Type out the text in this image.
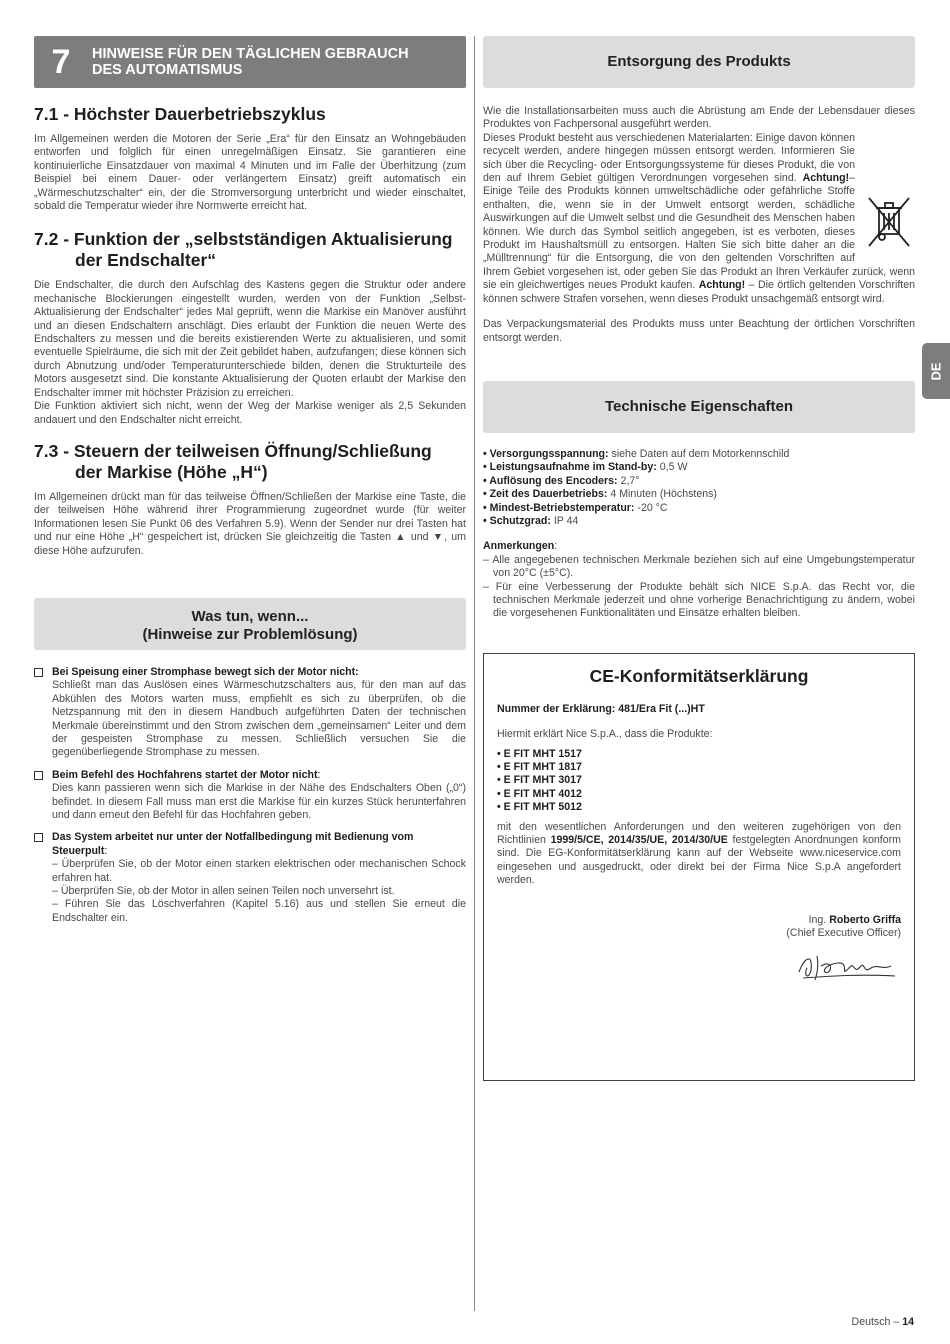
7	HINWEISE FÜR DEN TÄGLICHEN GEBRAUCH
DES AUTOMATISMUS
7.1 - Höchster Dauerbetriebszyklus

Im Allgemeinen werden die Motoren der Serie „Era“ für den Einsatz an Wohngebäuden entworfen und folglich für einen unregelmäßigen Einsatz. Sie garantieren eine kontinuierliche Einsatzdauer von maximal 4 Minuten und im Falle der Überhitzung (zum Beispiel bei einem Dauer- oder verlängertem Einsatz) greift automatisch ein „Wärmeschutzschalter“ ein, der die Stromversorgung unterbricht und wieder einschaltet, sobald die Temperatur wieder ihre Normwerte erreicht hat.

7.2 - Funktion der „selbstständigen Aktualisierung
der Endschalter“

Die Endschalter, die durch den Aufschlag des Kastens gegen die Struktur oder andere mechanische Blockierungen eingestellt wurden, werden von der Funktion „Selbst-Aktualisierung der Endschalter“ jedes Mal geprüft, wenn die Markise ein Manöver ausführt und an diesen Endschaltern anschlägt. Dies erlaubt der Funktion die neuen Werte des Endschalters zu messen und die bereits existierenden Werte zu aktualisieren, und somit eventuelle Spielräume, die sich mit der Zeit gebildet haben, aufzufangen; diese können sich durch Abnutzung und/oder Temperaturunterschiede bilden, denen die Strukturteile des Motors ausgesetzt sind. Die konstante Aktualisierung der Quoten erlaubt der Markise den Endschalter immer mit höchster Präzision zu erreichen.

Die Funktion aktiviert sich nicht, wenn der Weg der Markise weniger als 2,5 Sekunden andauert und den Endschalter nicht erreicht.

7.3 - Steuern der teilweisen Öffnung/Schließung
der Markise (Höhe „H“)

Im Allgemeinen drückt man für das teilweise Öffnen/Schließen der Markise eine Taste, die der teilweisen Höhe während ihrer Programmierung zugeordnet wurde (für weiter Informationen lesen Sie Punkt 06 des Verfahren 5.9). Wenn der Sender nur drei Tasten hat und nur eine Höhe „H“ gespeichert ist, drücken Sie gleichzeitig die Tasten ▲ und ▼, um diese Höhe aufzurufen.

Was tun, wenn...
(Hinweise zur Problemlösung)
Bei Speisung einer Stromphase bewegt sich der Motor nicht:
Schließt man das Auslösen eines Wärmeschutzschalters aus, für den man auf das Abkühlen des Motors warten muss, empfiehlt es sich zu überprüfen, ob die Netzspannung mit den in diesem Handbuch aufgeführten Daten der technischen Merkmale übereinstimmt und den Strom zwischen dem „gemeinsamen“ Leiter und dem der gespeisten Stromphase zu messen. Schließlich versuchen Sie die gegenüberliegende Stromphase zu messen.
Beim Befehl des Hochfahrens startet der Motor nicht:
Dies kann passieren wenn sich die Markise in der Nähe des Endschalters Oben („0“) befindet. In diesem Fall muss man erst die Markise für ein kurzes Stück herunterfahren und dann erneut den Befehl für das Hochfahren geben.
Das System arbeitet nur unter der Notfallbedingung mit Bedienung vom Steuerpult:
– Überprüfen Sie, ob der Motor einen starken elektrischen oder mechanischen Schock erfahren hat.
– Überprüfen Sie, ob der Motor in allen seinen Teilen noch unversehrt ist.
– Führen Sie das Löschverfahren (Kapitel 5.16) aus und stellen Sie erneut die Endschalter ein.
Entsorgung des Produkts

Wie die Installationsarbeiten muss auch die Abrüstung am Ende der Lebensdauer dieses Produktes von Fachpersonal ausgeführt werden.

Dieses Produkt besteht aus verschiedenen Materialarten: Einige davon können recycelt werden, andere hingegen müssen entsorgt werden. Informieren Sie sich über die Recycling- oder Entsorgungssysteme für dieses Produkt, die von den auf Ihrem Gebiet gültigen Verordnungen vorgesehen sind. Achtung!– Einige Teile des Produkts können umweltschädliche oder gefährliche Stoffe enthalten, die, wenn sie in der Umwelt entsorgt werden, schädliche Auswirkungen auf die Umwelt selbst und die Gesundheit des Menschen haben können. Wie durch das Symbol seitlich angegeben, ist es verboten, dieses Produkt im Haushaltsmüll zu entsorgen. Halten Sie sich bitte daher an die „Mülltrennung“ für die Entsorgung, die von den geltenden Vorschriften auf Ihrem Gebiet vorgesehen ist, oder geben Sie das Produkt an Ihren Verkäufer zurück, wenn sie ein gleichwertiges neues Produkt kaufen. Achtung! – Die örtlich geltenden Vorschriften können schwere Strafen vorsehen, wenn dieses Produkt unsachgemäß entsorgt wird.

Das Verpackungsmaterial des Produkts muss unter Beachtung der örtlichen Vorschriften entsorgt werden.

Technische Eigenschaften
• Versorgungsspannung: siehe Daten auf dem Motorkennschild
• Leistungsaufnahme im Stand-by: 0,5 W
• Auflösung des Encoders: 2,7°
• Zeit des Dauerbetriebs: 4 Minuten (Höchstens)
• Mindest-Betriebstemperatur: -20 °C
• Schutzgrad: IP 44
Anmerkungen:
– Alle angegebenen technischen Merkmale beziehen sich auf eine Umgebungstemperatur von 20°C (±5°C).
– Für eine Verbesserung der Produkte behält sich NICE S.p.A. das Recht vor, die technischen Merkmale jederzeit und ohne vorherige Benachrichtigung zu ändern, wobei die vorgesehenen Funktionalitäten und Einsätze erhalten bleiben.
CE-Konformitätserklärung
Nummer der Erklärung: 481/Era Fit (...)HT
Hiermit erklärt Nice S.p.A., dass die Produkte:
• E FIT MHT 1517
• E FIT MHT 1817
• E FIT MHT 3017
• E FIT MHT 4012
• E FIT MHT 5012

mit den wesentlichen Anforderungen und den weiteren zugehörigen von den Richtlinien 1999/5/CE, 2014/35/UE, 2014/30/UE festgelegten Anordnungen konform sind. Die EG-Konformitätserklärung kann auf der Webseite www.niceservice.com eingesehen und ausgedruckt, oder direkt bei der Firma Nice S.p.A angefordert werden.

Ing. Roberto Griffa
(Chief Executive Officer)
DE
Deutsch – 14
